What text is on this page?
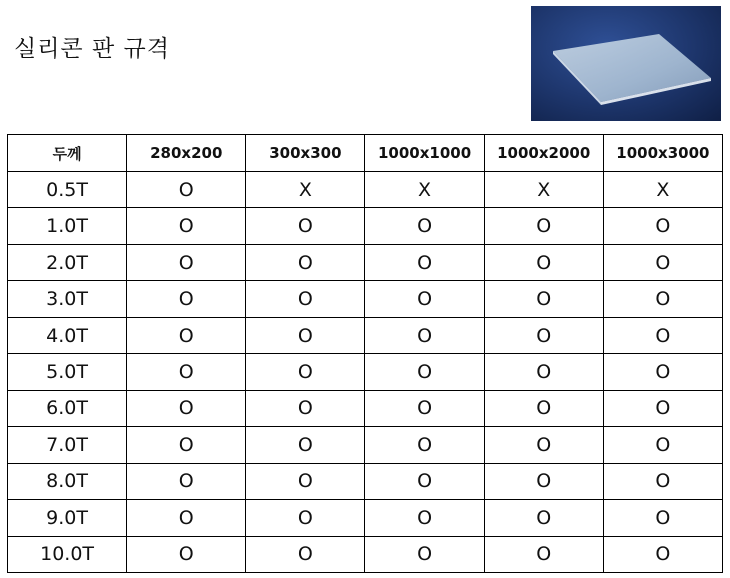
실리콘 판 규격
두께	280x200	300x300	1000x1000	1000x2000	1000x3000
0.5T	O	X	X	X	X
1.0T	O	O	O	O	O
2.0T	O	O	O	O	O
3.0T	O	O	O	O	O
4.0T	O	O	O	O	O
5.0T	O	O	O	O	O
6.0T	O	O	O	O	O
7.0T	O	O	O	O	O
8.0T	O	O	O	O	O
9.0T	O	O	O	O	O
10.0T	O	O	O	O	O
